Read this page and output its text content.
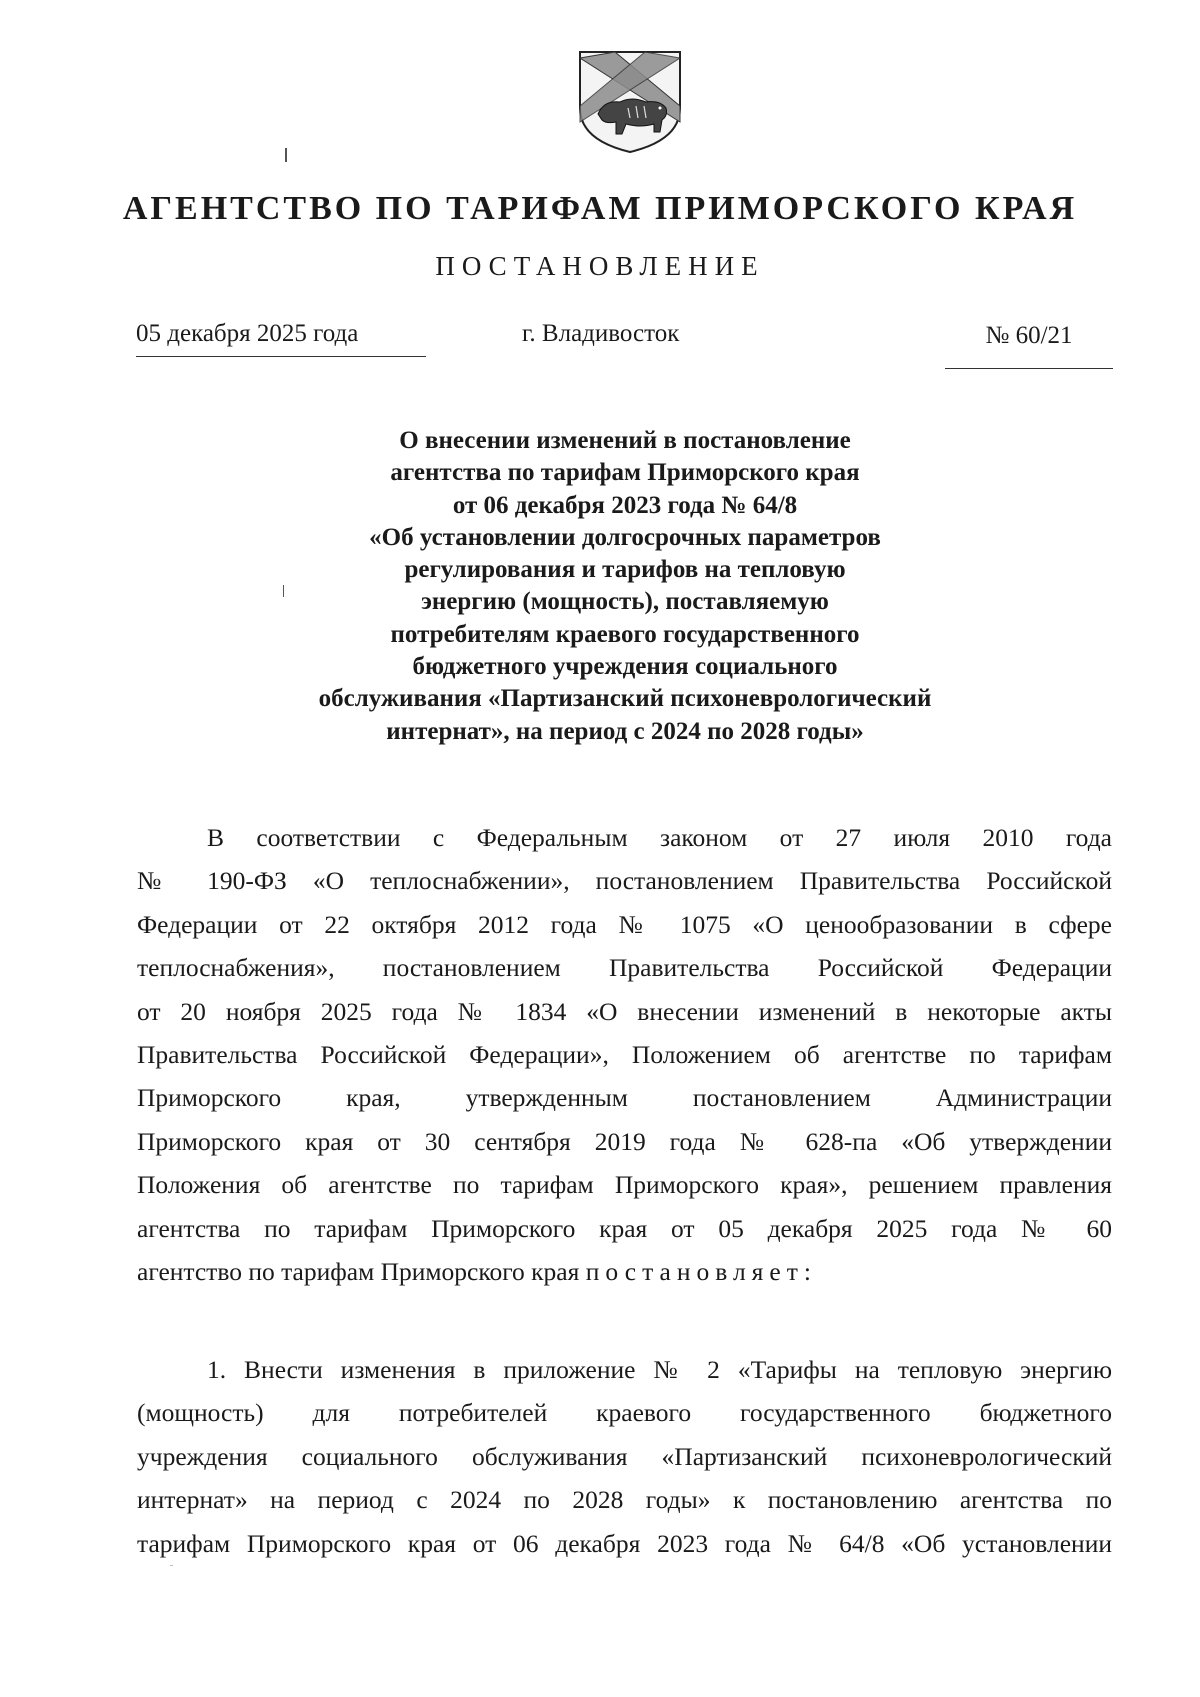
АГЕНТСТВО ПО ТАРИФАМ ПРИМОРСКОГО КРАЯ
ПОСТАНОВЛЕНИЕ
05 декабря 2025 года	г. Владивосток	№ 60/21
О внесении изменений в постановление
агентства по тарифам Приморского края
от 06 декабря 2023 года № 64/8
«Об установлении долгосрочных параметров
регулирования и тарифов на тепловую
энергию (мощность), поставляемую
потребителям краевого государственного
бюджетного учреждения социального
обслуживания «Партизанский психоневрологический
интернат», на период с 2024 по 2028 годы»
В соответствии с Федеральным законом от 27 июля 2010 года
№ 190-ФЗ «О теплоснабжении», постановлением Правительства Российской
Федерации от 22 октября 2012 года № 1075 «О ценообразовании в сфере
теплоснабжения», постановлением Правительства Российской Федерации
от 20 ноября 2025 года № 1834 «О внесении изменений в некоторые акты
Правительства Российской Федерации», Положением об агентстве по тарифам
Приморского края, утвержденным постановлением Администрации
Приморского края от 30 сентября 2019 года № 628-па «Об утверждении
Положения об агентстве по тарифам Приморского края», решением правления
агентства по тарифам Приморского края от 05 декабря 2025 года № 60
агентство по тарифам Приморского края постановляет:
1. Внести изменения в приложение № 2 «Тарифы на тепловую энергию
(мощность) для потребителей краевого государственного бюджетного
учреждения социального обслуживания «Партизанский психоневрологический
интернат» на период с 2024 по 2028 годы» к постановлению агентства по
тарифам Приморского края от 06 декабря 2023 года № 64/8 «Об установлении
